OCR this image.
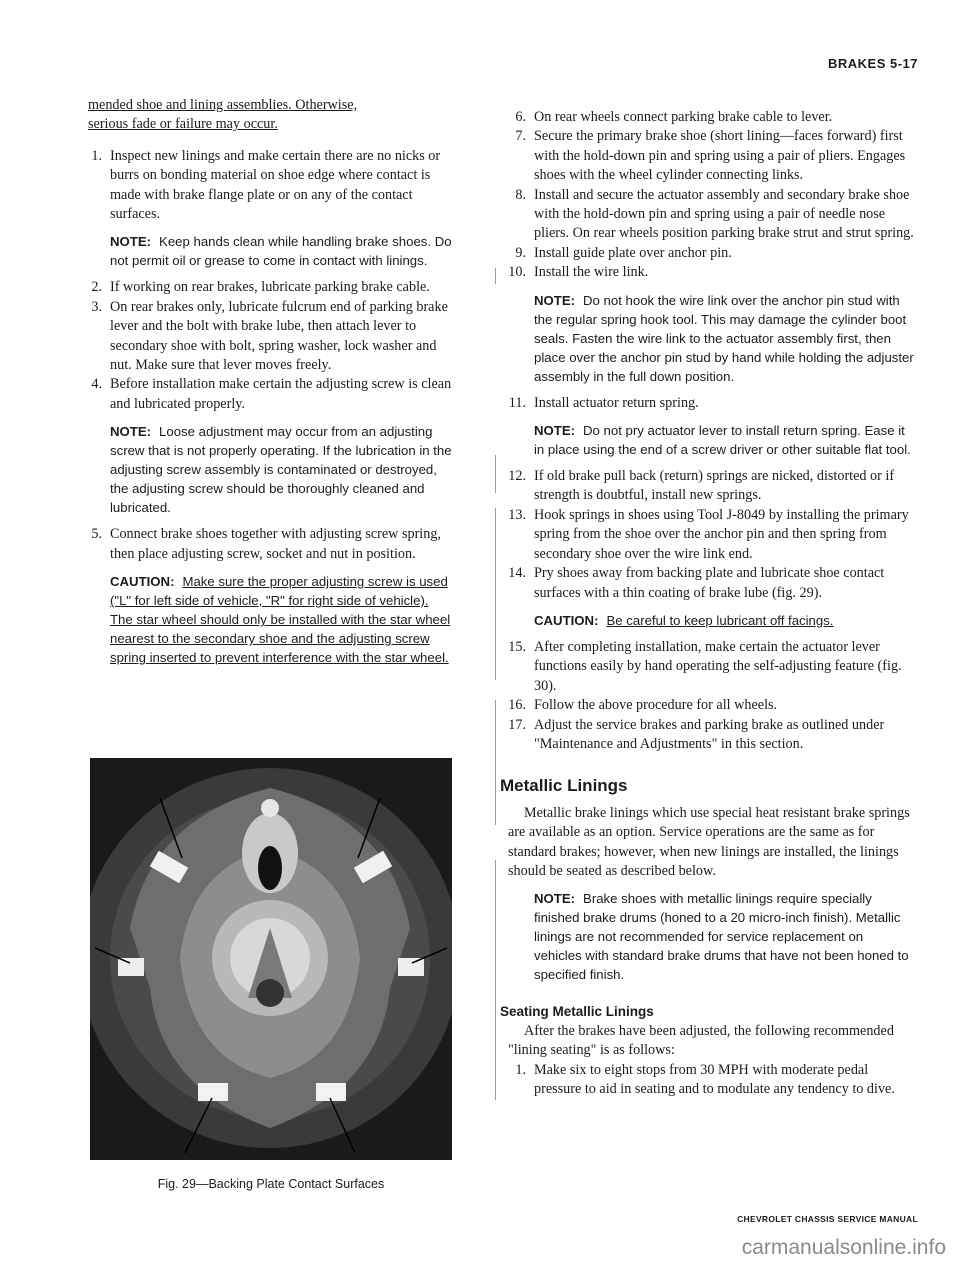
BRAKES 5-17
mended shoe and lining assemblies. Otherwise,
serious fade or failure may occur.
1. Inspect new linings and make certain there are no nicks or burrs on bonding material on shoe edge where contact is made with brake flange plate or on any of the contact surfaces.
NOTE: Keep hands clean while handling brake shoes. Do not permit oil or grease to come in contact with linings.
2. If working on rear brakes, lubricate parking brake cable.
3. On rear brakes only, lubricate fulcrum end of parking brake lever and the bolt with brake lube, then attach lever to secondary shoe with bolt, spring washer, lock washer and nut. Make sure that lever moves freely.
4. Before installation make certain the adjusting screw is clean and lubricated properly.
NOTE: Loose adjustment may occur from an adjusting screw that is not properly operating. If the lubrication in the adjusting screw assembly is contaminated or destroyed, the adjusting screw should be thoroughly cleaned and lubricated.
5. Connect brake shoes together with adjusting screw spring, then place adjusting screw, socket and nut in position.
CAUTION: Make sure the proper adjusting screw is used ("L" for left side of vehicle, "R" for right side of vehicle). The star wheel should only be installed with the star wheel nearest to the secondary shoe and the adjusting screw spring inserted to prevent interference with the star wheel.
Fig. 29—Backing Plate Contact Surfaces
6. On rear wheels connect parking brake cable to lever.
7. Secure the primary brake shoe (short lining—faces forward) first with the hold-down pin and spring using a pair of pliers. Engages shoes with the wheel cylinder connecting links.
8. Install and secure the actuator assembly and secondary brake shoe with the hold-down pin and spring using a pair of needle nose pliers. On rear wheels position parking brake strut and strut spring.
9. Install guide plate over anchor pin.
10. Install the wire link.
NOTE: Do not hook the wire link over the anchor pin stud with the regular spring hook tool. This may damage the cylinder boot seals. Fasten the wire link to the actuator assembly first, then place over the anchor pin stud by hand while holding the adjuster assembly in the full down position.
11. Install actuator return spring.
NOTE: Do not pry actuator lever to install return spring. Ease it in place using the end of a screw driver or other suitable flat tool.
12. If old brake pull back (return) springs are nicked, distorted or if strength is doubtful, install new springs.
13. Hook springs in shoes using Tool J-8049 by installing the primary spring from the shoe over the anchor pin and then spring from secondary shoe over the wire link end.
14. Pry shoes away from backing plate and lubricate shoe contact surfaces with a thin coating of brake lube (fig. 29).
CAUTION: Be careful to keep lubricant off facings.
15. After completing installation, make certain the actuator lever functions easily by hand operating the self-adjusting feature (fig. 30).
16. Follow the above procedure for all wheels.
17. Adjust the service brakes and parking brake as outlined under "Maintenance and Adjustments" in this section.
Metallic Linings

Metallic brake linings which use special heat resistant brake springs are available as an option. Service operations are the same as for standard brakes; however, when new linings are installed, the linings should be seated as described below.

NOTE: Brake shoes with metallic linings require specially finished brake drums (honed to a 20 micro-inch finish). Metallic linings are not recommended for service replacement on vehicles with standard brake drums that have not been honed to specified finish.
Seating Metallic Linings

After the brakes have been adjusted, the following recommended "lining seating" is as follows:

1. Make six to eight stops from 30 MPH with moderate pedal pressure to aid in seating and to modulate any tendency to dive.
CHEVROLET CHASSIS SERVICE MANUAL
carmanualsonline.info
